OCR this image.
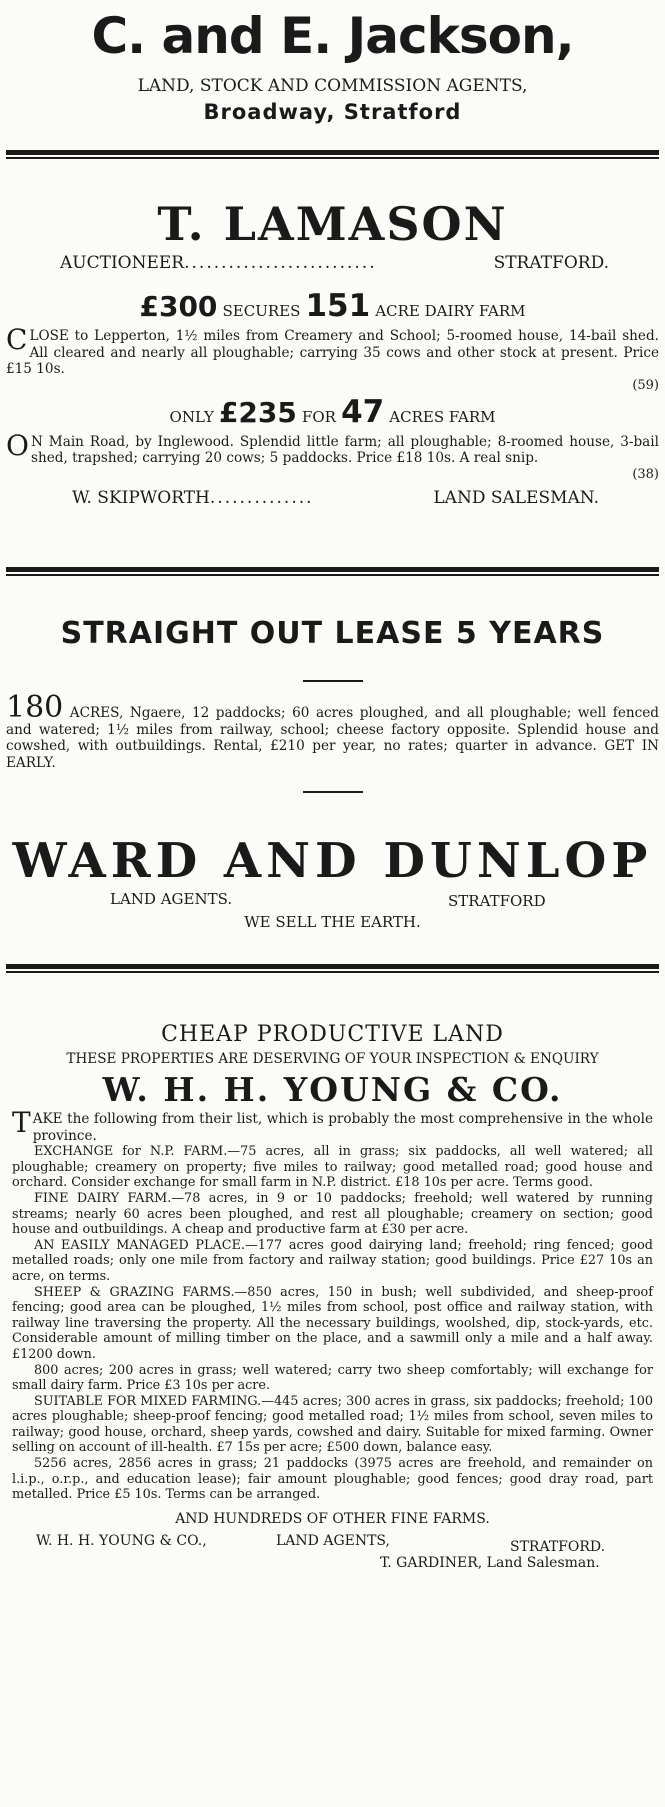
C. and E. Jackson,
LAND, STOCK AND COMMISSION AGENTS,
Broadway, Stratford
T. LAMASON
AUCTIONEER ..........................	STRATFORD.
£300 SECURES 151 ACRE DAIRY FARM

CLOSE to Lepperton, 1½ miles from Creamery and School; 5-roomed house, 14-bail shed. All cleared and nearly all ploughable; carrying 35 cows and other stock at present. Price £15 10s.

(59)

ONLY £235 FOR 47 ACRES FARM

O N Main Road, by Inglewood. Splendid little farm; all ploughable; 8-roomed house, 3-bail shed, trapshed; carrying 20 cows; 5 paddocks. Price £18 10s. A real snip.

(38)

W. SKIPWORTH ..............	LAND SALESMAN.
STRAIGHT OUT LEASE 5 YEARS

180 ACRES, Ngaere, 12 paddocks; 60 acres ploughed, and all ploughable; well fenced and watered; 1½ miles from railway, school; cheese factory opposite. Splendid house and cowshed, with outbuildings. Rental, £210 per year, no rates; quarter in advance. GET IN EARLY.

WARD AND DUNLOP
LAND AGENTS.	STRATFORD
WE SELL THE EARTH.
CHEAP PRODUCTIVE LAND
THESE PROPERTIES ARE DESERVING OF YOUR INSPECTION & ENQUIRY
W. H. H. YOUNG & CO.

TAKE the following from their list, which is probably the most comprehensive in the whole province.

EXCHANGE for N.P. FARM.—75 acres, all in grass; six paddocks, all well watered; all ploughable; creamery on property; five miles to railway; good metalled road; good house and orchard. Consider exchange for small farm in N.P. district. £18 10s per acre. Terms good.

FINE DAIRY FARM.—78 acres, in 9 or 10 paddocks; freehold; well watered by running streams; nearly 60 acres been ploughed, and rest all ploughable; creamery on section; good house and outbuildings. A cheap and productive farm at £30 per acre.

AN EASILY MANAGED PLACE.—177 acres good dairying land; freehold; ring fenced; good metalled roads; only one mile from factory and railway station; good buildings. Price £27 10s an acre, on terms.

SHEEP & GRAZING FARMS.—850 acres, 150 in bush; well subdivided, and sheep-proof fencing; good area can be ploughed, 1½ miles from school, post office and railway station, with railway line traversing the property. All the necessary buildings, woolshed, dip, stock-yards, etc. Considerable amount of milling timber on the place, and a sawmill only a mile and a half away. £1200 down.

800 acres; 200 acres in grass; well watered; carry two sheep comfortably; will exchange for small dairy farm. Price £3 10s per acre.

SUITABLE FOR MIXED FARMING.—445 acres; 300 acres in grass, six paddocks; freehold; 100 acres ploughable; sheep-proof fencing; good metalled road; 1½ miles from school, seven miles to railway; good house, orchard, sheep yards, cowshed and dairy. Suitable for mixed farming. Owner selling on account of ill-health. £7 15s per acre; £500 down, balance easy.

5256 acres, 2856 acres in grass; 21 paddocks (3975 acres are freehold, and remainder on l.i.p., o.r.p., and education lease); fair amount ploughable; good fences; good dray road, part metalled. Price £5 10s. Terms can be arranged.

AND HUNDREDS OF OTHER FINE FARMS.
W. H. H. YOUNG & CO.,	LAND AGENTS,	STRATFORD.
T. GARDINER, Land Salesman.
